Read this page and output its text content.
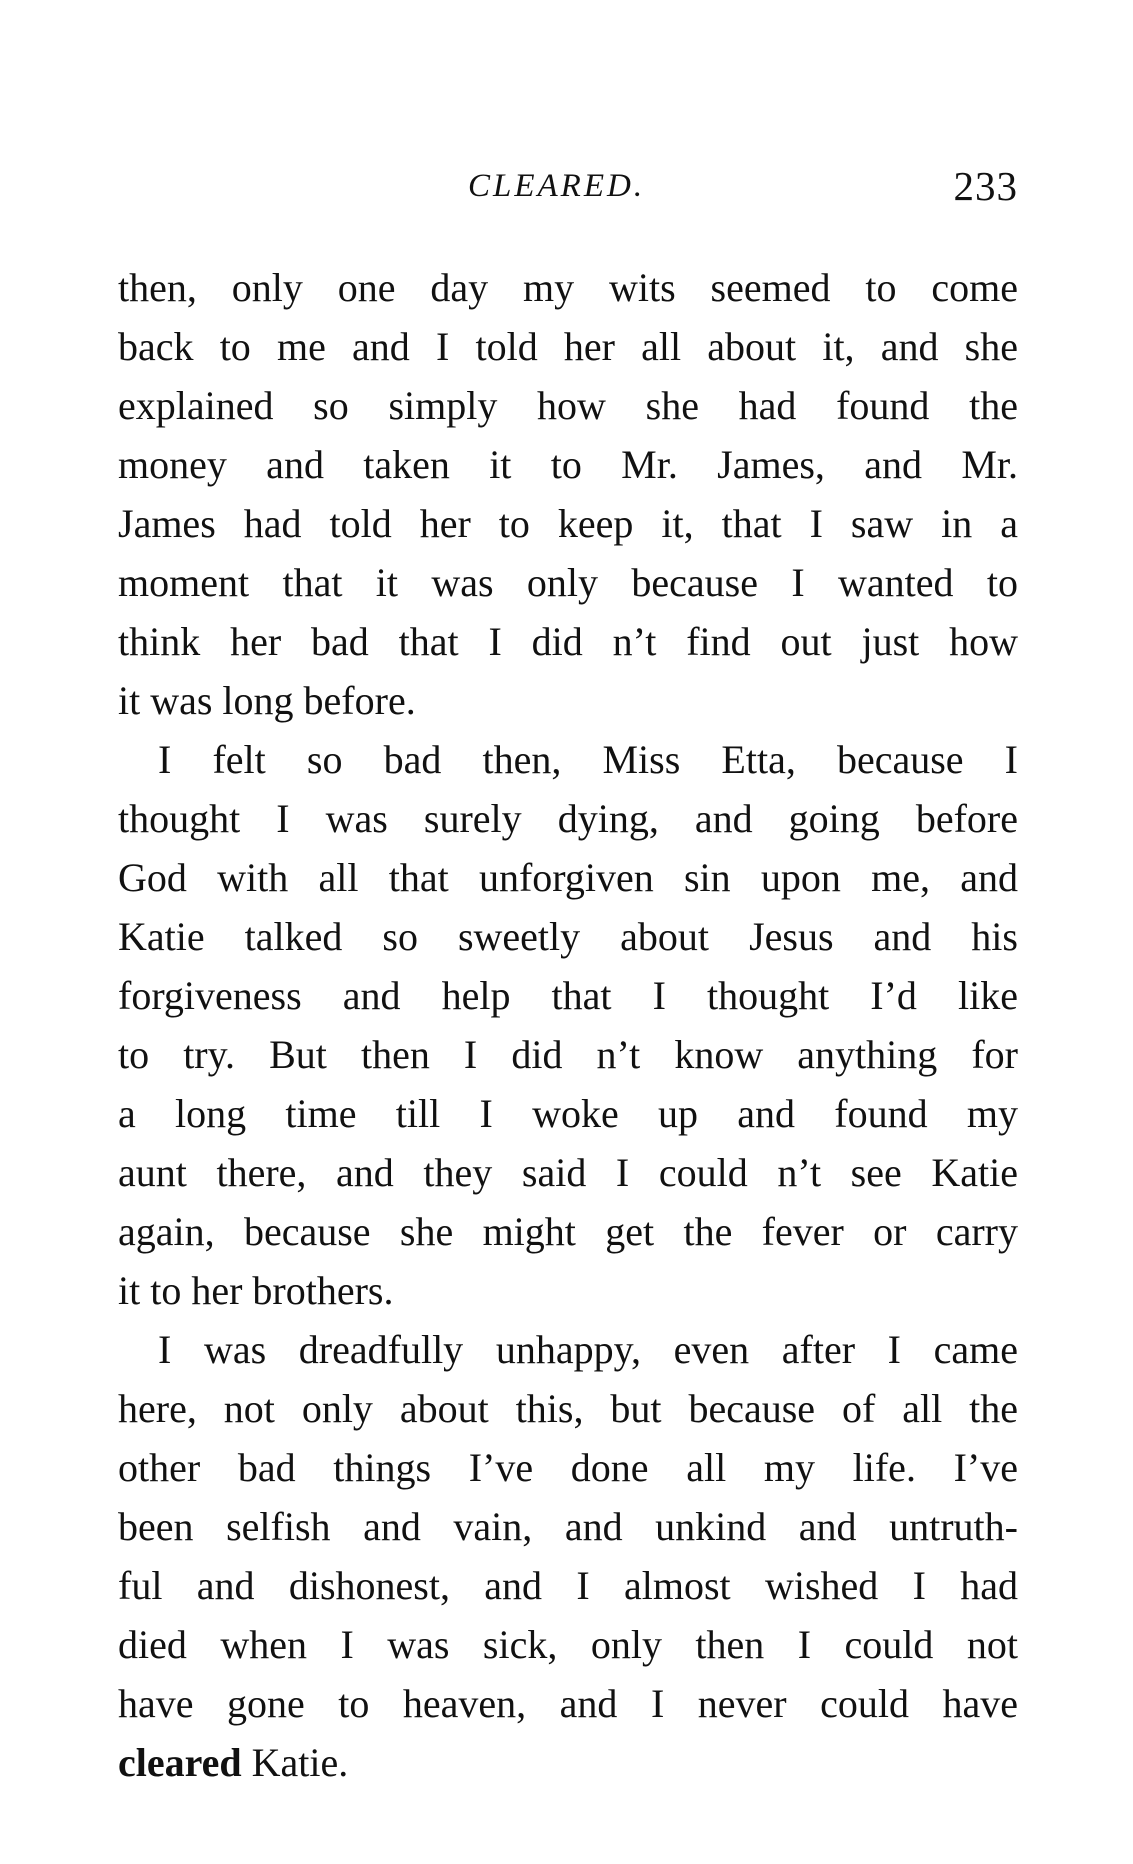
CLEARED.	233

then, only one day my wits seemed to come
back to me and I told her all about it, and she
explained so simply how she had found the
money and taken it to Mr. James, and Mr.
James had told her to keep it, that I saw in a
moment that it was only because I wanted to
think her bad that I did n’t find out just how
it was long before.

I felt so bad then, Miss Etta, because I
thought I was surely dying, and going before
God with all that unforgiven sin upon me, and
Katie talked so sweetly about Jesus and his
forgiveness and help that I thought I’d like
to try. But then I did n’t know anything for
a long time till I woke up and found my
aunt there, and they said I could n’t see Katie
again, because she might get the fever or carry
it to her brothers.

I was dreadfully unhappy, even after I came
here, not only about this, but because of all the
other bad things I’ve done all my life. I’ve
been selfish and vain, and unkind and untruth-
ful and dishonest, and I almost wished I had
died when I was sick, only then I could not
have gone to heaven, and I never could have
cleared Katie.
